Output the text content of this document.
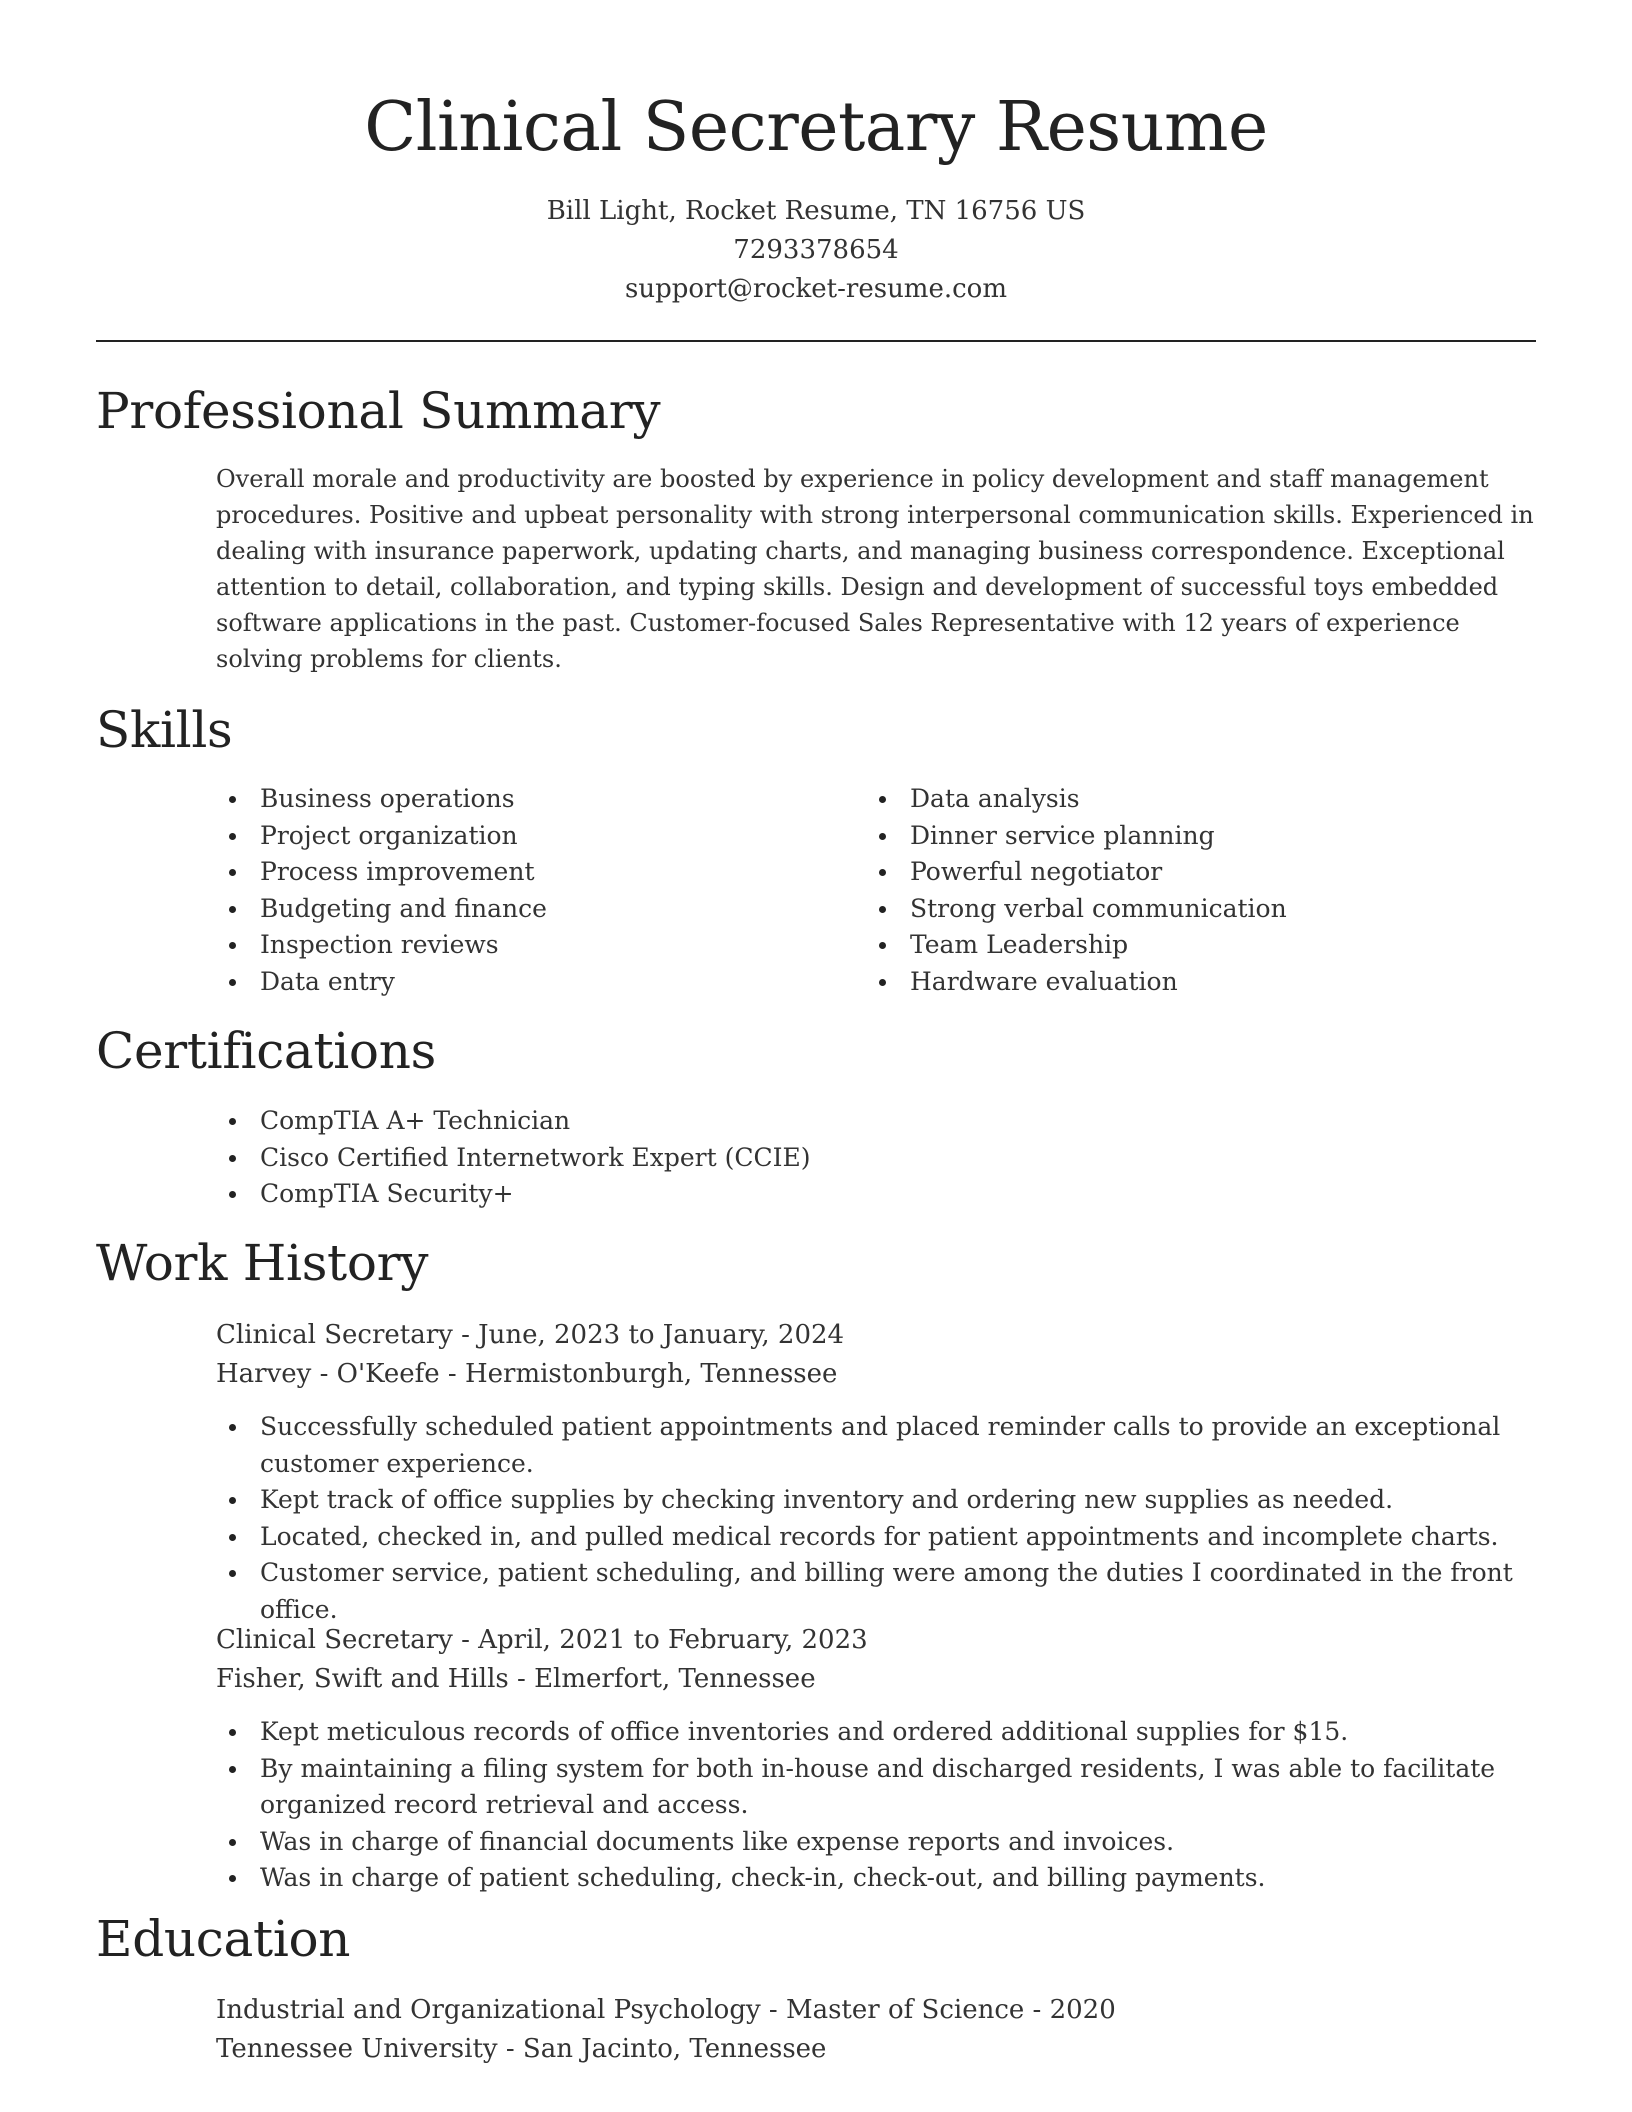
Clinical Secretary Resume
Bill Light, Rocket Resume, TN 16756 US
7293378654
support@rocket-resume.com
Professional Summary

Overall morale and productivity are boosted by experience in policy development and staff management procedures. Positive and upbeat personality with strong interpersonal communication skills. Experienced in dealing with insurance paperwork, updating charts, and managing business correspondence. Exceptional attention to detail, collaboration, and typing skills. Design and development of successful toys embedded software applications in the past. Customer-focused Sales Representative with 12 years of experience solving problems for clients.

Skills
Business operations
Project organization
Process improvement
Budgeting and finance
Inspection reviews
Data entry
Data analysis
Dinner service planning
Powerful negotiator
Strong verbal communication
Team Leadership
Hardware evaluation
Certifications
CompTIA A+ Technician
Cisco Certified Internetwork Expert (CCIE)
CompTIA Security+
Work History
Clinical Secretary - June, 2023 to January, 2024
Harvey - O'Keefe - Hermistonburgh, Tennessee
Successfully scheduled patient appointments and placed reminder calls to provide an exceptional customer experience.
Kept track of office supplies by checking inventory and ordering new supplies as needed.
Located, checked in, and pulled medical records for patient appointments and incomplete charts.
Customer service, patient scheduling, and billing were among the duties I coordinated in the front office.
Clinical Secretary - April, 2021 to February, 2023
Fisher, Swift and Hills - Elmerfort, Tennessee
Kept meticulous records of office inventories and ordered additional supplies for $15.
By maintaining a filing system for both in-house and discharged residents, I was able to facilitate organized record retrieval and access.
Was in charge of financial documents like expense reports and invoices.
Was in charge of patient scheduling, check-in, check-out, and billing payments.
Education
Industrial and Organizational Psychology - Master of Science - 2020
Tennessee University - San Jacinto, Tennessee
